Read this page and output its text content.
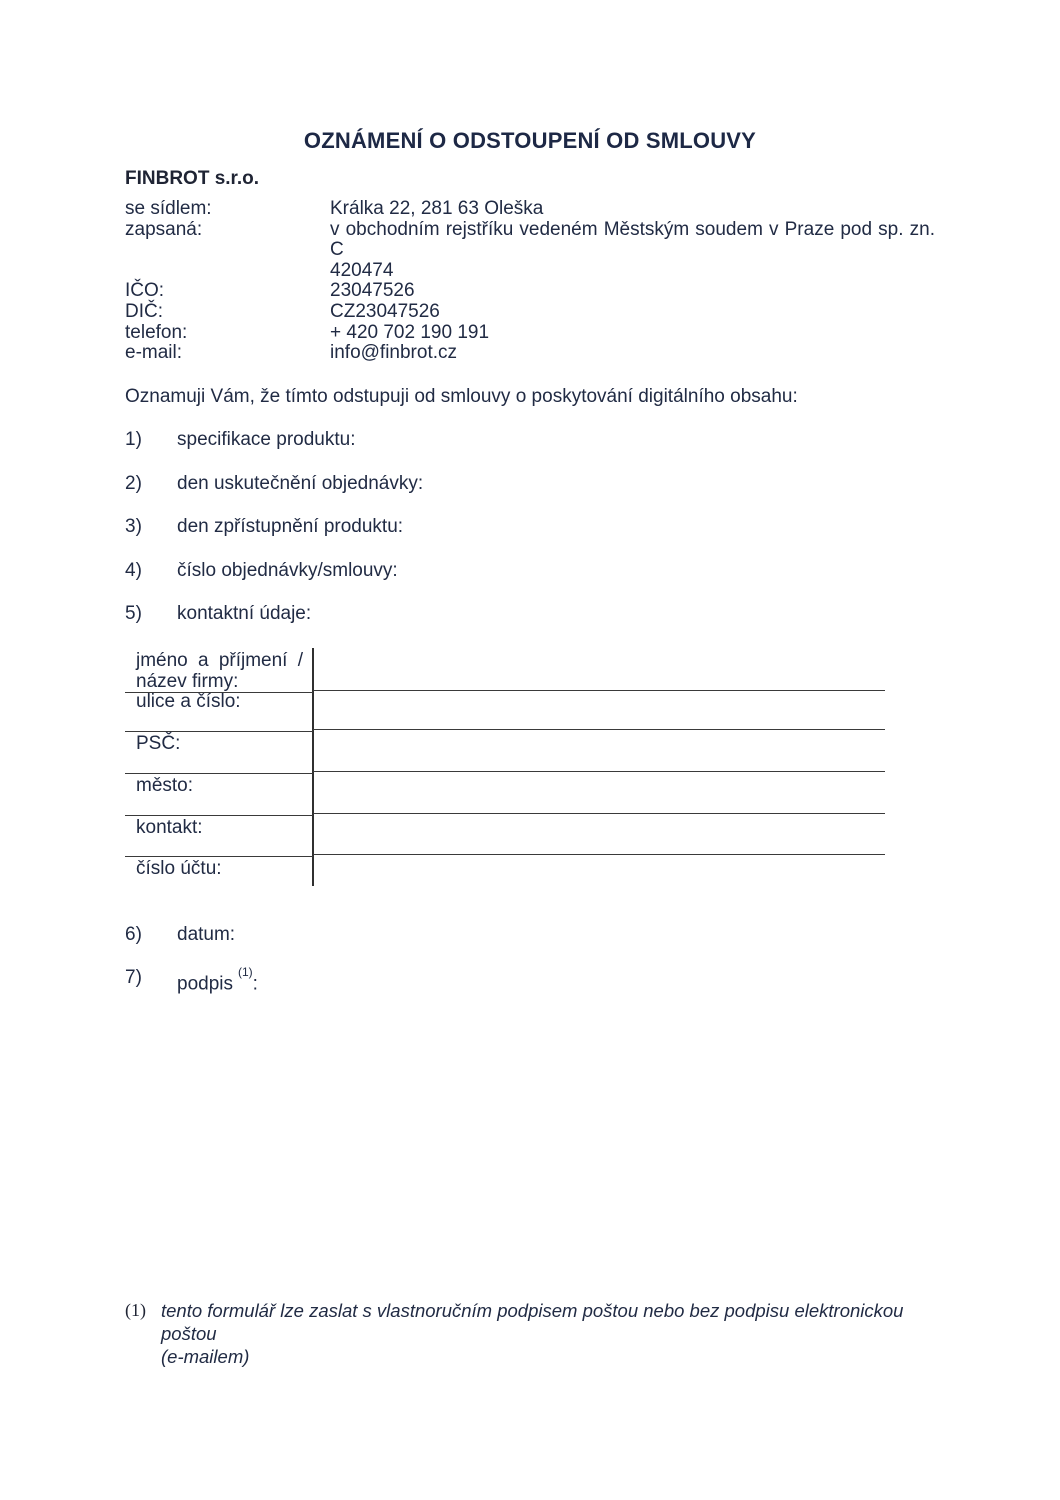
OZNÁMENÍ O ODSTOUPENÍ OD SMLOUVY
FINBROT s.r.o.
se sídlem:	Králka 22, 281 63 Oleška
zapsaná:	v obchodním rejstříku vedeném Městským soudem v Praze pod sp. zn. C
420474
IČO:	23047526
DIČ:	CZ23047526
telefon:	+ 420 702 190 191
e-mail:	info@finbrot.cz
Oznamuji Vám, že tímto odstupuji od smlouvy o poskytování digitálního obsahu:
1)	specifikace produktu:
2)	den uskutečnění objednávky:
3)	den zpřístupnění produktu:
4)	číslo objednávky/smlouvy:
5)	kontaktní údaje:
jméno a příjmení /
název firmy:
ulice a číslo:
PSČ:
město:
kontakt:
číslo účtu:
6)	datum:
7)	podpis$^{(1)}$:
(1) tento formulář lze zaslat s vlastnoručním podpisem poštou nebo bez podpisu elektronickou poštou
(e-mailem)
